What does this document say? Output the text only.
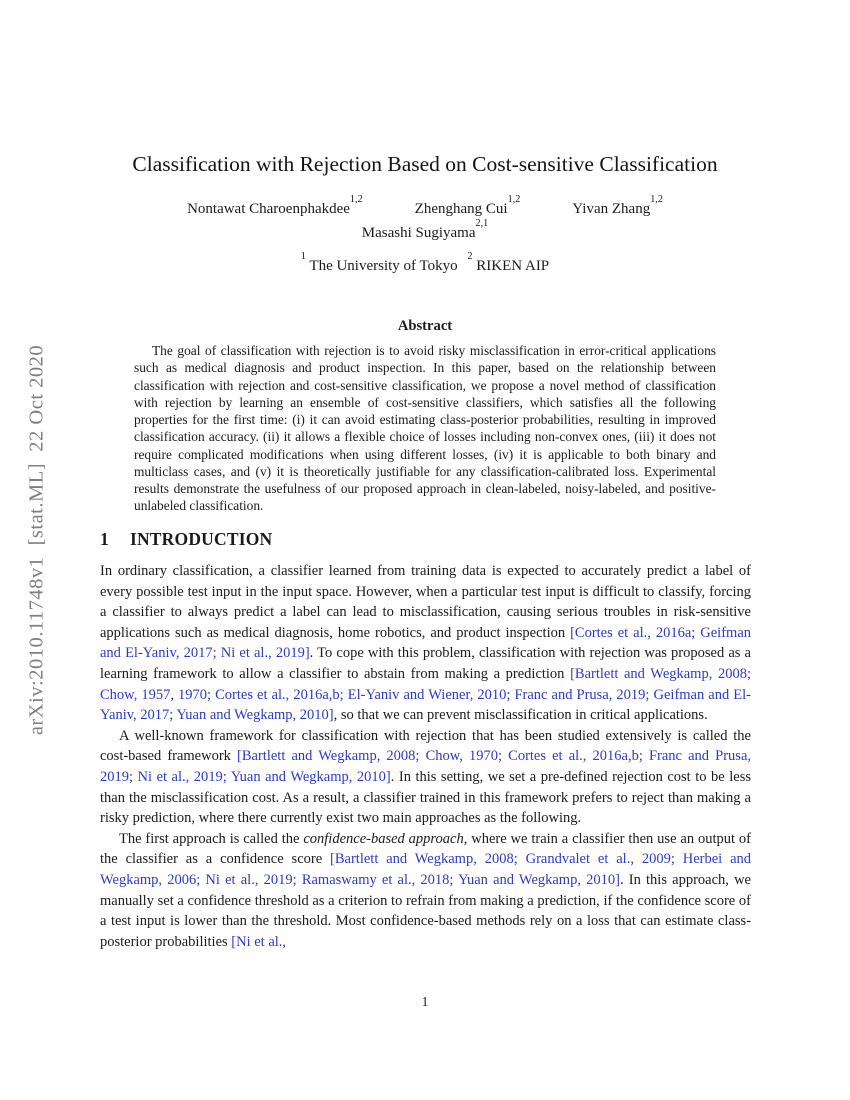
arXiv:2010.11748v1  [stat.ML]  22 Oct 2020
Classification with Rejection Based on Cost-sensitive Classification
Nontawat Charoenphakdee$^{1,2}$
Zhenghang Cui$^{1,2}$
Yivan Zhang$^{1,2}$
Masashi Sugiyama$^{2,1}$
$^1$ The University of Tokyo $^2$ RIKEN AIP
Abstract
The goal of classification with rejection is to avoid risky misclassification in error-critical applications such as medical diagnosis and product inspection. In this paper, based on the relationship between classification with rejection and cost-sensitive classification, we propose a novel method of classification with rejection by learning an ensemble of cost-sensitive classifiers, which satisfies all the following properties for the first time: (i) it can avoid estimating class-posterior probabilities, resulting in improved classification accuracy. (ii) it allows a flexible choice of losses including non-convex ones, (iii) it does not require complicated modifications when using different losses, (iv) it is applicable to both binary and multiclass cases, and (v) it is theoretically justifiable for any classification-calibrated loss. Experimental results demonstrate the usefulness of our proposed approach in clean-labeled, noisy-labeled, and positive-unlabeled classification.
1 INTRODUCTION

In ordinary classification, a classifier learned from training data is expected to accurately predict a label of every possible test input in the input space. However, when a particular test input is difficult to classify, forcing a classifier to always predict a label can lead to misclassification, causing serious troubles in risk-sensitive applications such as medical diagnosis, home robotics, and product inspection [Cortes et al., 2016a; Geifman and El-Yaniv, 2017; Ni et al., 2019]. To cope with this problem, classification with rejection was proposed as a learning framework to allow a classifier to abstain from making a prediction [Bartlett and Wegkamp, 2008; Chow, 1957, 1970; Cortes et al., 2016a,b; El-Yaniv and Wiener, 2010; Franc and Prusa, 2019; Geifman and El-Yaniv, 2017; Yuan and Wegkamp, 2010], so that we can prevent misclassification in critical applications.

A well-known framework for classification with rejection that has been studied extensively is called the cost-based framework [Bartlett and Wegkamp, 2008; Chow, 1970; Cortes et al., 2016a,b; Franc and Prusa, 2019; Ni et al., 2019; Yuan and Wegkamp, 2010]. In this setting, we set a pre-defined rejection cost to be less than the misclassification cost. As a result, a classifier trained in this framework prefers to reject than making a risky prediction, where there currently exist two main approaches as the following.

The first approach is called the confidence-based approach, where we train a classifier then use an output of the classifier as a confidence score [Bartlett and Wegkamp, 2008; Grandvalet et al., 2009; Herbei and Wegkamp, 2006; Ni et al., 2019; Ramaswamy et al., 2018; Yuan and Wegkamp, 2010]. In this approach, we manually set a confidence threshold as a criterion to refrain from making a prediction, if the confidence score of a test input is lower than the threshold. Most confidence-based methods rely on a loss that can estimate class-posterior probabilities [Ni et al.,

1
